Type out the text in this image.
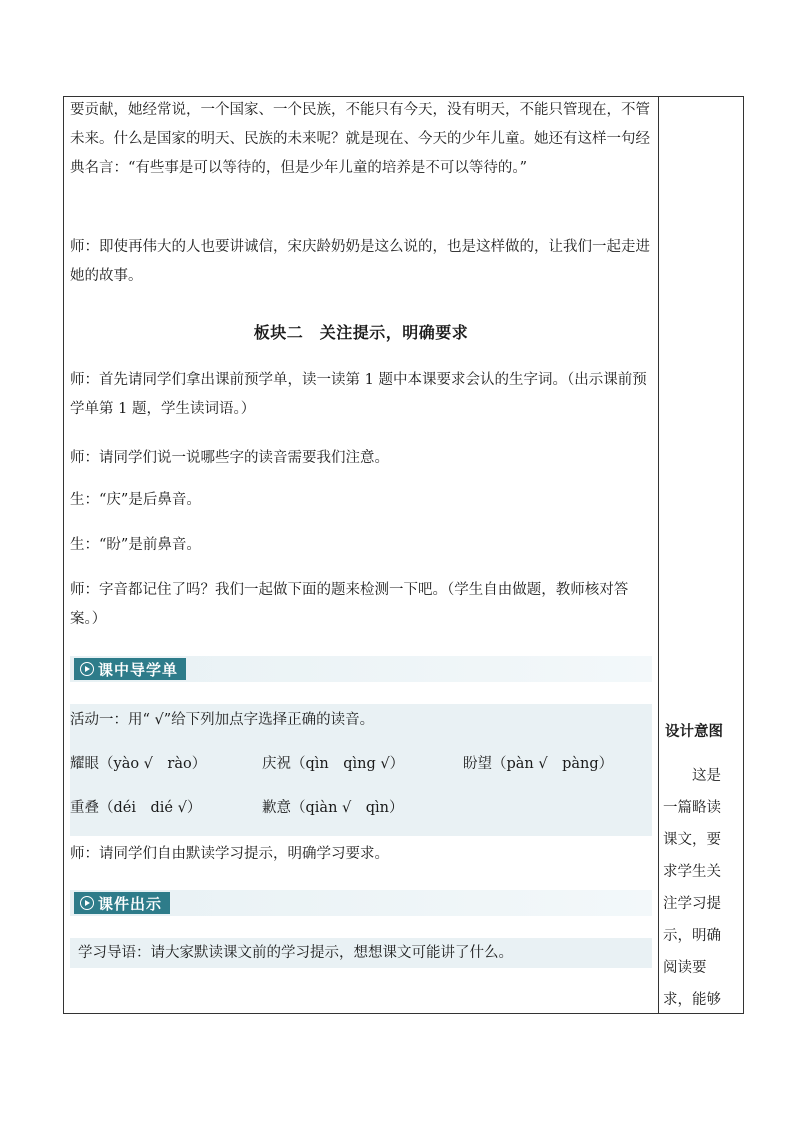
要贡献，她经常说，一个国家、一个民族，不能只有今天，没有明天，不能只管现在，不管未来。什么是国家的明天、民族的未来呢？就是现在、今天的少年儿童。她还有这样一句经典名言：“有些事是可以等待的，但是少年儿童的培养是不可以等待的。”

师：即使再伟大的人也要讲诚信，宋庆龄奶奶是这么说的，也是这样做的，让我们一起走进她的故事。

板块二　关注提示，明确要求

师：首先请同学们拿出课前预学单，读一读第 1 题中本课要求会认的生字词。（出示课前预学单第 1 题，学生读词语。）

师：请同学们说一说哪些字的读音需要我们注意。

生：“庆”是后鼻音。

生：“盼”是前鼻音。

师：字音都记住了吗？我们一起做下面的题来检测一下吧。（学生自由做题，教师核对答案。）

课中导学单
活动一：用“ √”给下列加点字选择正确的读音。
耀眼（yào √　ràо）	庆祝（qìn　qìng √）	盼望（pàn √　pàng）
重叠（déi　dié √）	歉意（qiàn √　qìn）

师：请同学们自由默读学习提示，明确学习要求。

课件出示
学习导语：请大家默读课文前的学习提示，想想课文可能讲了什么。
设计意图
　　这是一篇略读课文，要求学生关注学习提示，明确阅读要求，能够
